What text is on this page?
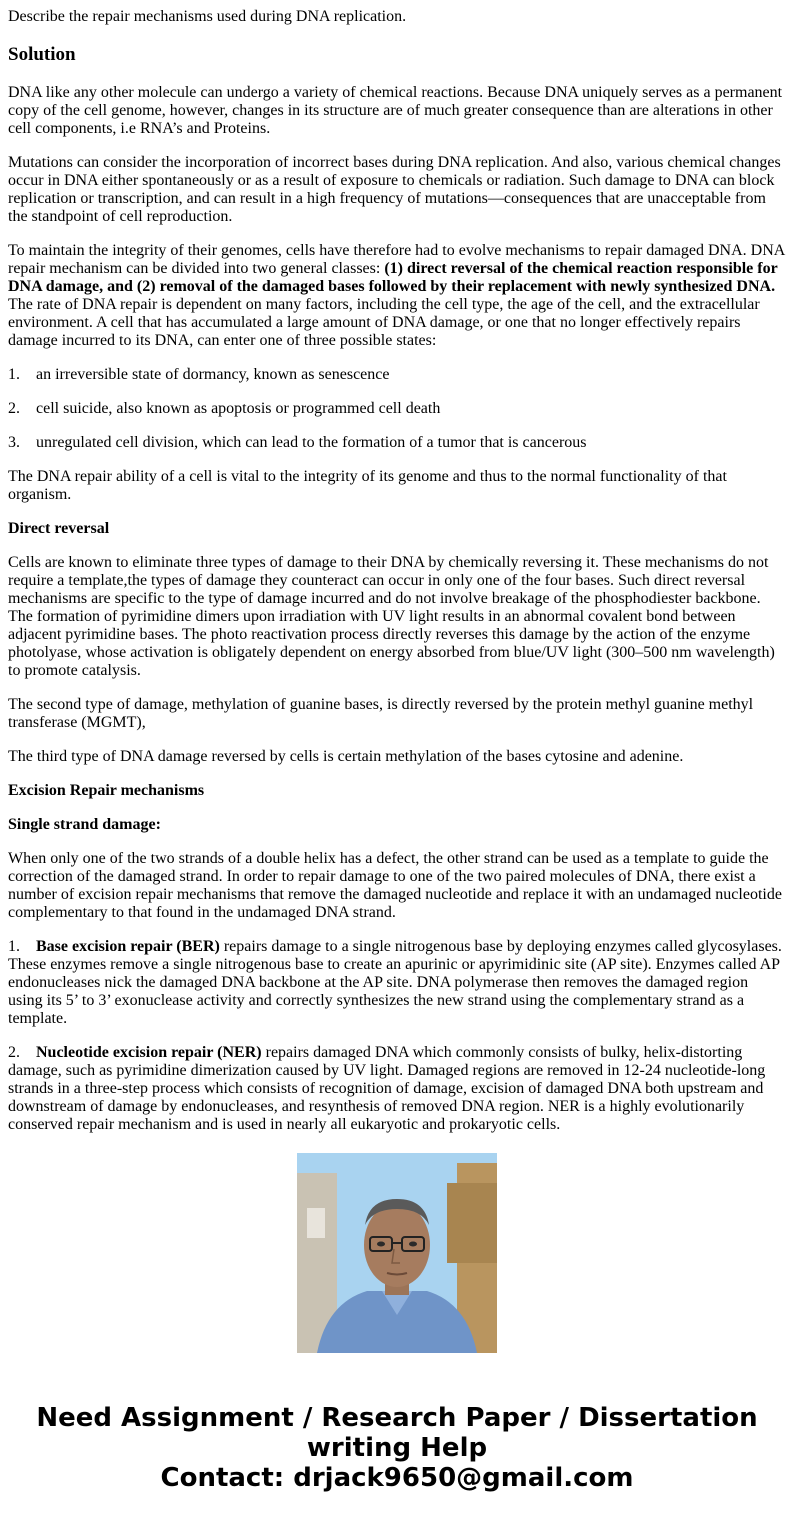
Describe the repair mechanisms used during DNA replication.

Solution

DNA like any other molecule can undergo a variety of chemical reactions. Because DNA uniquely serves as a permanent copy of the cell genome, however, changes in its structure are of much greater consequence than are alterations in other cell components, i.e RNA’s and Proteins.

Mutations can consider the incorporation of incorrect bases during DNA replication. And also, various chemical changes occur in DNA either spontaneously or as a result of exposure to chemicals or radiation. Such damage to DNA can block replication or transcription, and can result in a high frequency of mutations—consequences that are unacceptable from the standpoint of cell reproduction.

To maintain the integrity of their genomes, cells have therefore had to evolve mechanisms to repair damaged DNA. DNA repair mechanism can be divided into two general classes: (1) direct reversal of the chemical reaction responsible for DNA damage, and (2) removal of the damaged bases followed by their replacement with newly synthesized DNA. The rate of DNA repair is dependent on many factors, including the cell type, the age of the cell, and the extracellular environment. A cell that has accumulated a large amount of DNA damage, or one that no longer effectively repairs damage incurred to its DNA, can enter one of three possible states:

1. an irreversible state of dormancy, known as senescence

2. cell suicide, also known as apoptosis or programmed cell death

3. unregulated cell division, which can lead to the formation of a tumor that is cancerous

The DNA repair ability of a cell is vital to the integrity of its genome and thus to the normal functionality of that organism.

Direct reversal

Cells are known to eliminate three types of damage to their DNA by chemically reversing it. These mechanisms do not require a template,the types of damage they counteract can occur in only one of the four bases. Such direct reversal mechanisms are specific to the type of damage incurred and do not involve breakage of the phosphodiester backbone. The formation of pyrimidine dimers upon irradiation with UV light results in an abnormal covalent bond between adjacent pyrimidine bases. The photo reactivation process directly reverses this damage by the action of the enzyme photolyase, whose activation is obligately dependent on energy absorbed from blue/UV light (300–500 nm wavelength) to promote catalysis.

The second type of damage, methylation of guanine bases, is directly reversed by the protein methyl guanine methyl transferase (MGMT),

The third type of DNA damage reversed by cells is certain methylation of the bases cytosine and adenine.

Excision Repair mechanisms

Single strand damage:

When only one of the two strands of a double helix has a defect, the other strand can be used as a template to guide the correction of the damaged strand. In order to repair damage to one of the two paired molecules of DNA, there exist a number of excision repair mechanisms that remove the damaged nucleotide and replace it with an undamaged nucleotide complementary to that found in the undamaged DNA strand.

1. Base excision repair (BER) repairs damage to a single nitrogenous base by deploying enzymes called glycosylases. These enzymes remove a single nitrogenous base to create an apurinic or apyrimidinic site (AP site). Enzymes called AP endonucleases nick the damaged DNA backbone at the AP site. DNA polymerase then removes the damaged region using its 5’ to 3’ exonuclease activity and correctly synthesizes the new strand using the complementary strand as a template.

2. Nucleotide excision repair (NER) repairs damaged DNA which commonly consists of bulky, helix-distorting damage, such as pyrimidine dimerization caused by UV light. Damaged regions are removed in 12-24 nucleotide-long strands in a three-step process which consists of recognition of damage, excision of damaged DNA both upstream and downstream of damage by endonucleases, and resynthesis of removed DNA region. NER is a highly evolutionarily conserved repair mechanism and is used in nearly all eukaryotic and prokaryotic cells.

Need Assignment / Research Paper / Dissertation
writing Help
Contact: drjack9650@gmail.com
